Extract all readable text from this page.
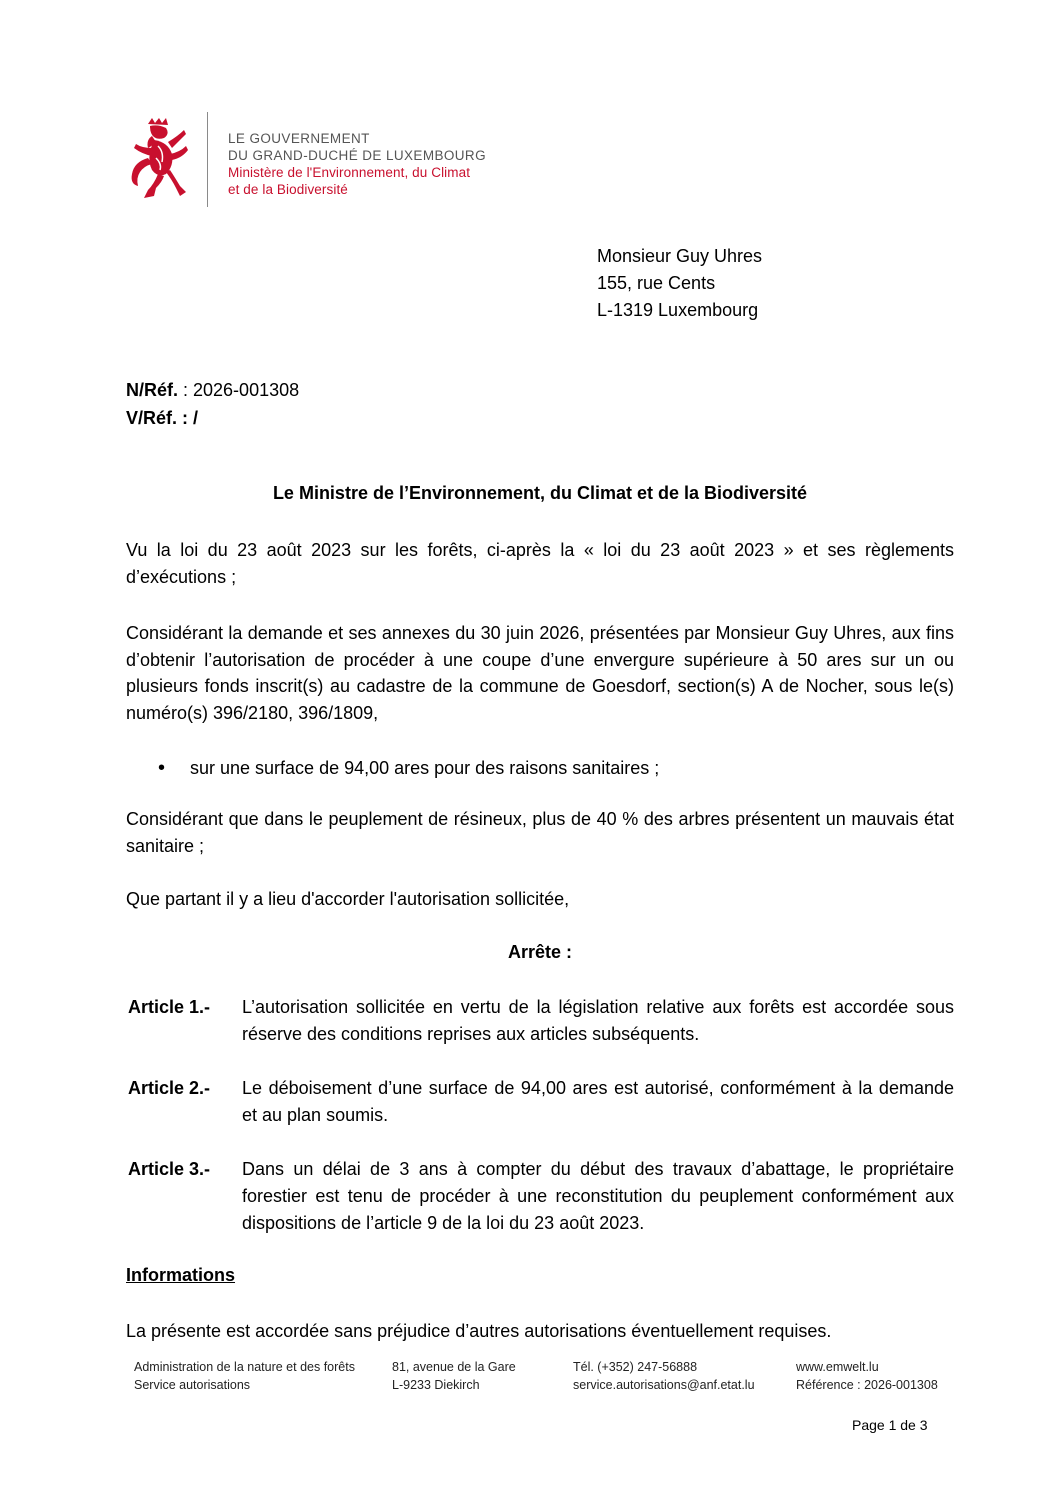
LE GOUVERNEMENT
DU GRAND-DUCHÉ DE LUXEMBOURG
Ministère de l'Environnement, du Climat
et de la Biodiversité
Monsieur Guy Uhres
155, rue Cents
L-1319 Luxembourg
N/Réf. : 2026-001308
V/Réf. : /
Le Ministre de l’Environnement, du Climat et de la Biodiversité
Vu la loi du 23 août 2023 sur les forêts, ci-après la « loi du 23 août 2023 » et ses règlements d’exécutions ;
Considérant la demande et ses annexes du 30 juin 2026, présentées par Monsieur Guy Uhres, aux fins d’obtenir l’autorisation de procéder à une coupe d’une envergure supérieure à 50 ares sur un ou plusieurs fonds inscrit(s) au cadastre de la commune de Goesdorf, section(s) A de Nocher, sous le(s) numéro(s) 396/2180, 396/1809,
• sur une surface de 94,00 ares pour des raisons sanitaires ;
Considérant que dans le peuplement de résineux, plus de 40 % des arbres présentent un mauvais état sanitaire ;
Que partant il y a lieu d'accorder l'autorisation sollicitée,
Arrête :
Article 1.- L’autorisation sollicitée en vertu de la législation relative aux forêts est accordée sous réserve des conditions reprises aux articles subséquents.
Article 2.- Le déboisement d’une surface de 94,00 ares est autorisé, conformément à la demande et au plan soumis.
Article 3.- Dans un délai de 3 ans à compter du début des travaux d’abattage, le propriétaire forestier est tenu de procéder à une reconstitution du peuplement conformément aux dispositions de l’article 9 de la loi du 23 août 2023.
Informations
La présente est accordée sans préjudice d’autres autorisations éventuellement requises.
Administration de la nature et des forêts
Service autorisations
81, avenue de la Gare
L-9233 Diekirch
Tél. (+352) 247-56888
service.autorisations@anf.etat.lu
www.emwelt.lu
Référence : 2026-001308
Page 1 de 3
